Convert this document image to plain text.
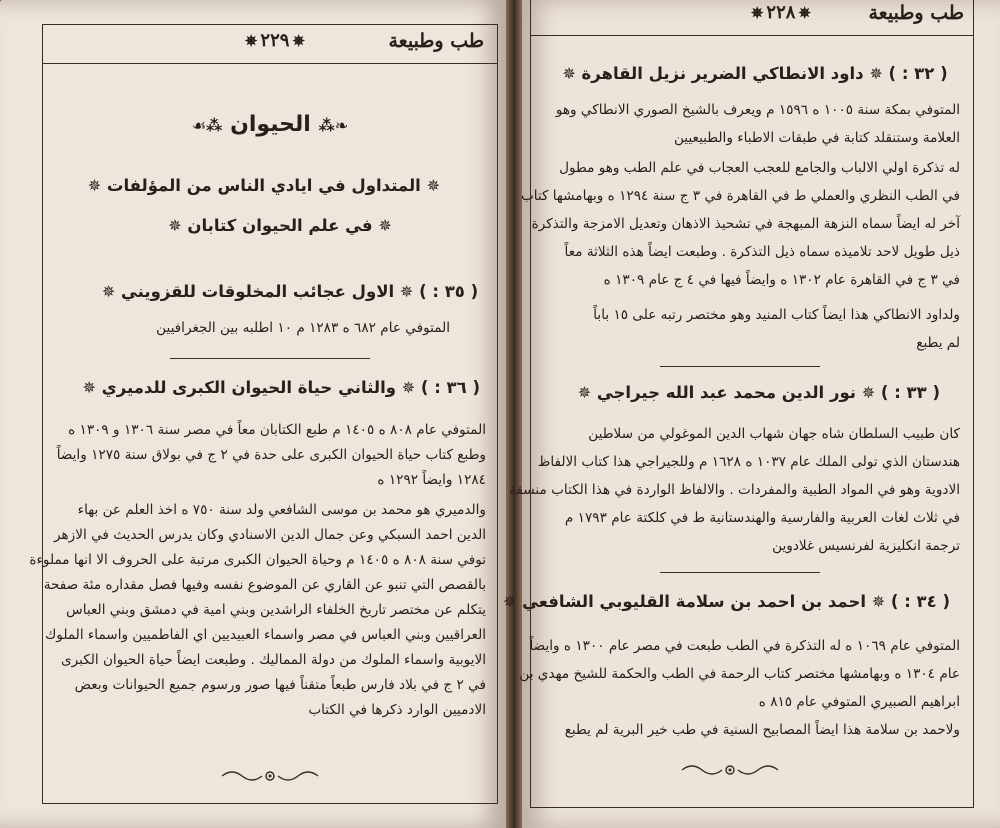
طب وطبيعة
✵٢٢٩✵
❧⁂ الحيوان ⁂☙
✵ المتداول في ايادي الناس من المؤلفات ✵
✵ في علم الحيوان كتابان ✵
( ٣٥ : ) ✵ الاول عجائب المخلوقات للقزويني ✵
المتوفي عام ٦٨٢ ه ١٢٨٣ م ١٠ اطلبه بين الجغرافيين
( ٣٦ : ) ✵ والثاني حياة الحيوان الكبرى للدميري ✵
المتوفي عام ٨٠٨ ه ١٤٠٥ م طبع الكتابان معاً في مصر سنة ١٣٠٦ و ١٣٠٩ ه
وطبع كتاب حياة الحيوان الكبرى على حدة في ٢ ج في بولاق سنة ١٢٧٥ وايضاً
١٢٨٤ وايضاً ١٢٩٢ ه
والدميري هو محمد بن موسى الشافعي ولد سنة ٧٥٠ ه اخذ العلم عن بهاء
الدين احمد السبكي وعن جمال الدين الاسنادي وكان يدرس الحديث في الازهر
توفي سنة ٨٠٨ ه ١٤٠٥ م وحياة الحيوان الكبرى مرتبة على الحروف الا انها مملوءة
بالقصص التي تنبو عن القاري عن الموضوع نفسه وفيها فصل مقداره مئة صفحة
يتكلم عن مختصر تاريخ الخلفاء الراشدين وبني امية في دمشق وبني العباس
العراقيين وبني العباس في مصر واسماء العبيديين اي الفاطميين واسماء الملوك
الايوبية واسماء الملوك من دولة المماليك . وطبعت ايضاً حياة الحيوان الكبرى
في ٢ ج في بلاد فارس طبعاً متقناً فيها صور ورسوم جميع الحيوانات وبعض
الادميين الوارد ذكرها في الكتاب
طب وطبيعة
✵٢٢٨✵
( ٣٢ : ) ✵ داود الانطاكي الضرير نزيل القاهرة ✵
المتوفي بمكة سنة ١٠٠٥ ه ١٥٩٦ م ويعرف بالشيخ الصوري الانطاكي وهو
العلامة وستنقلد كتابة في طبقات الاطباء والطبيعيين
له تذكرة اولي الالباب والجامع للعجب العجاب في علم الطب وهو مطول
في الطب النظري والعملي ط في القاهرة في ٣ ج سنة ١٢٩٤ ه وبهامشها كتاب
آخر له ايضاً سماه النزهة المبهجة في تشحيذ الاذهان وتعديل الامزجة والتذكرة
ذيل طويل لاحد تلاميذه سماه ذيل التذكرة . وطبعت ايضاً هذه الثلاثة معاً
في ٣ ج في القاهرة عام ١٣٠٢ ه وايضاً فيها في ٤ ج عام ١٣٠٩ ه
ولداود الانطاكي هذا ايضاً كتاب المنيد وهو مختصر رتبه على ١٥ باباً
لم يطبع
( ٣٣ : ) ✵ نور الدين محمد عبد الله جيراجي ✵
كان طبيب السلطان شاه جهان شهاب الدين الموغولي من سلاطين
هندستان الذي تولى الملك عام ١٠٣٧ ه ١٦٢٨ م وللجيراجي هذا كتاب الالفاظ
الادوية وهو في المواد الطبية والمفردات . والالفاظ الواردة في هذا الكتاب منسقة
في ثلاث لغات العربية والفارسية والهندستانية ط في كلكتة عام ١٧٩٣ م
ترجمة انكليزية لفرنسيس غلادوين
( ٣٤ : ) ✵ احمد بن احمد بن سلامة القليوبي الشافعي ✵
المتوفي عام ١٠٦٩ ه له التذكرة في الطب طبعت في مصر عام ١٣٠٠ ه وايضاً
عام ١٣٠٤ ه وبهامشها مختصر كتاب الرحمة في الطب والحكمة للشيخ مهدي بن
ابراهيم الصبيري المتوفي عام ٨١٥ ه
ولاحمد بن سلامة هذا ايضاً المصابيح السنية في طب خير البرية لم يطبع
